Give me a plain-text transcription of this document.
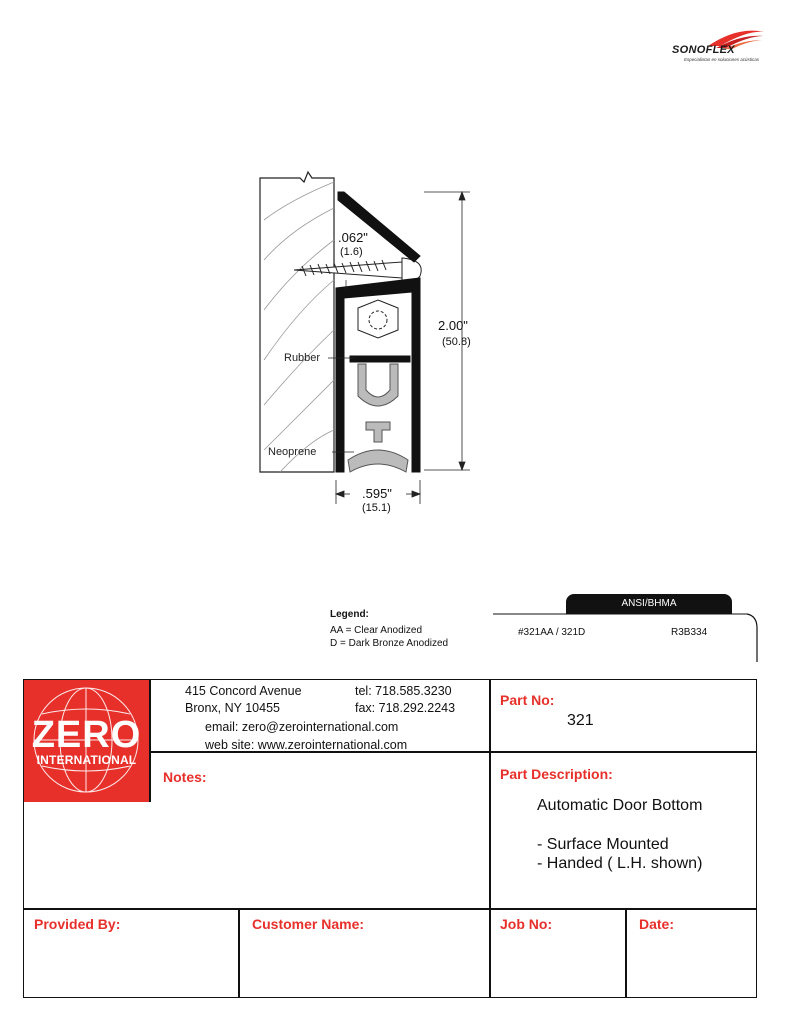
SONOFLEX
Especialistas en soluciones acústicas
.062"
(1.6)
2.00"
(50.8)
.595"
(15.1)
Rubber
Neoprene
Legend:
AA = Clear Anodized
D = Dark Bronze Anodized
ANSI/BHMA
#321AA / 321D	R3B334
ZERO
INTERNATIONAL
415 Concord Avenue
Bronx, NY 10455
tel: 718.585.3230
fax: 718.292.2243
email: zero@zerointernational.com
web site: www.zerointernational.com
Part No:
321
Notes:	Part Description:
Automatic Door Bottom
- Surface Mounted
- Handed ( L.H. shown)
Provided By:	Customer Name:	Job No:	Date:
